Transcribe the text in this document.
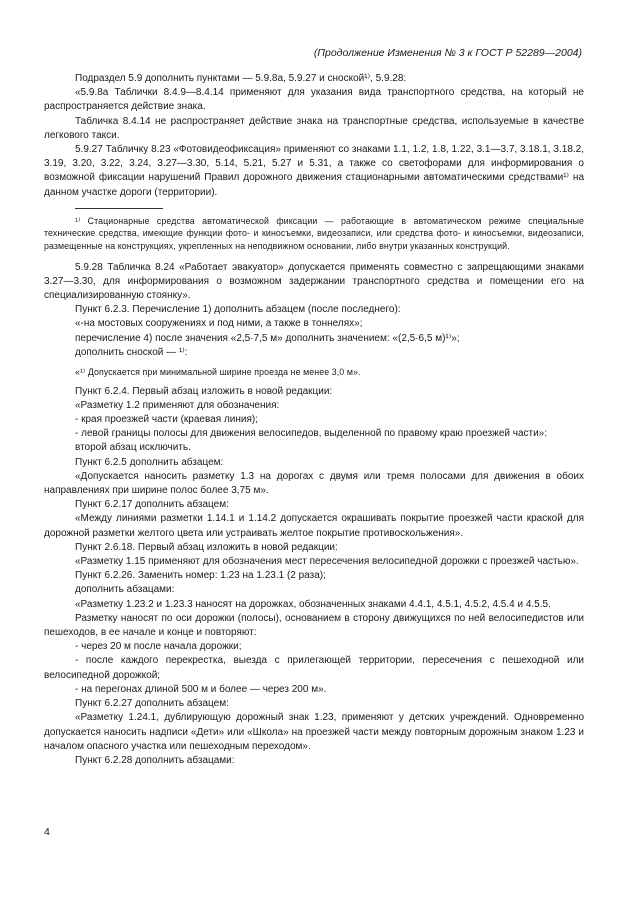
(Продолжение Изменения № 3 к ГОСТ Р 52289—2004)

Подраздел 5.9 дополнить пунктами — 5.9.8а, 5.9.27 и сноской¹⁾, 5.9.28:

«5.9.8а Таблички 8.4.9—8.4.14 применяют для указания вида транспортного средства, на который не распространяется действие знака.

Табличка 8.4.14 не распространяет действие знака на транспортные средства, используемые в качестве легкового такси.

5.9.27 Табличку 8.23 «Фотовидеофиксация» применяют со знаками 1.1, 1.2, 1.8, 1.22, 3.1—3.7, 3.18.1, 3.18.2, 3.19, 3.20, 3.22, 3.24, 3.27—3.30, 5.14, 5.21, 5.27 и 5.31, а также со светофорами для информирования о возможной фиксации нарушений Правил дорожного движения стационарными автоматическими средствами¹⁾ на данном участке дороги (территории).

¹⁾ Стационарные средства автоматической фиксации — работающие в автоматическом режиме специальные технические средства, имеющие функции фото- и киносъемки, видеозаписи, или средства фото- и киносъемки, видеозаписи, размещенные на конструкциях, укрепленных на неподвижном основании, либо внутри указанных конструкций.

5.9.28 Табличка 8.24 «Работает эвакуатор» допускается применять совместно с запрещающими знаками 3.27—3.30, для информирования о возможном задержании транспортного средства и помещении его на специализированную стоянку».

Пункт 6.2.3. Перечисление 1) дополнить абзацем (после последнего):

«-на мостовых сооружениях и под ними, а также в тоннелях»;

перечисление 4) после значения «2,5·7,5 м» дополнить значением: «(2,5·6,5 м)¹⁾»;

дополнить сноской — ¹⁾:

«¹⁾ Допускается при минимальной ширине проезда не менее 3,0 м».

Пункт 6.2.4. Первый абзац изложить в новой редакции:

«Разметку 1.2 применяют для обозначения:

- края проезжей части (краевая линия);

- левой границы полосы для движения велосипедов, выделенной по правому краю проезжей части»:

второй абзац исключить.

Пункт 6.2.5 дополнить абзацем:

«Допускается наносить разметку 1.3 на дорогах с двумя или тремя полосами для движения в обоих направлениях при ширине полос более 3,75 м».

Пункт 6.2.17 дополнить абзацем:

«Между линиями разметки 1.14.1 и 1.14.2 допускается окрашивать покрытие проезжей части краской для дорожной разметки желтого цвета или устраивать желтое покрытие противоскольжения».

Пункт 2.6.18. Первый абзац изложить в новой редакции:

«Разметку 1.15 применяют для обозначения мест пересечения велосипедной дорожки с проезжей частью».

Пункт 6.2.26. Заменить номер: 1.23 на 1.23.1 (2 раза);

дополнить абзацами:

«Разметку 1.23.2 и 1.23.3 наносят на дорожках, обозначенных знаками 4.4.1, 4.5.1, 4.5.2, 4.5.4 и 4.5.5.

Разметку наносят по оси дорожки (полосы), основанием в сторону движущихся по ней велосипедистов или пешеходов, в ее начале и конце и повторяют:

- через 20 м после начала дорожки;

- после каждого перекрестка, выезда с прилегающей территории, пересечения с пешеходной или велосипедной дорожкой;

- на перегонах длиной 500 м и более — через 200 м».

Пункт 6.2.27 дополнить абзацем:

«Разметку 1.24.1, дублирующую дорожный знак 1.23, применяют у детских учреждений. Одновременно допускается наносить надписи «Дети» или «Школа» на проезжей части между повторным дорожным знаком 1.23 и началом опасного участка или пешеходным переходом».

Пункт 6.2.28 дополнить абзацами:

4
